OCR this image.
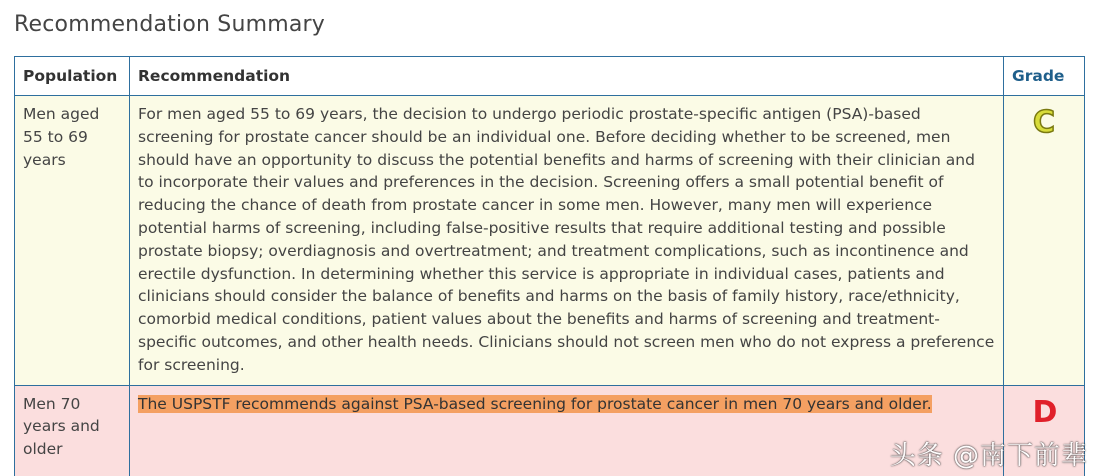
Recommendation Summary
Population	Recommendation	Grade
Men aged 55 to 69 years	For men aged 55 to 69 years, the decision to undergo periodic prostate-specific antigen (PSA)-based screening for prostate cancer should be an individual one. Before deciding whether to be screened, men should have an opportunity to discuss the potential benefits and harms of screening with their clinician and to incorporate their values and preferences in the decision. Screening offers a small potential benefit of reducing the chance of death from prostate cancer in some men. However, many men will experience potential harms of screening, including false-positive results that require additional testing and possible prostate biopsy; overdiagnosis and overtreatment; and treatment complications, such as incontinence and erectile dysfunction. In determining whether this service is appropriate in individual cases, patients and clinicians should consider the balance of benefits and harms on the basis of family history, race/ethnicity, comorbid medical conditions, patient values about the benefits and harms of screening and treatment-specific outcomes, and other health needs. Clinicians should not screen men who do not express a preference for screening.	C
Men 70 years and older	The USPSTF recommends against PSA-based screening for prostate cancer in men 70 years and older.	D
头条 @南下前辈
